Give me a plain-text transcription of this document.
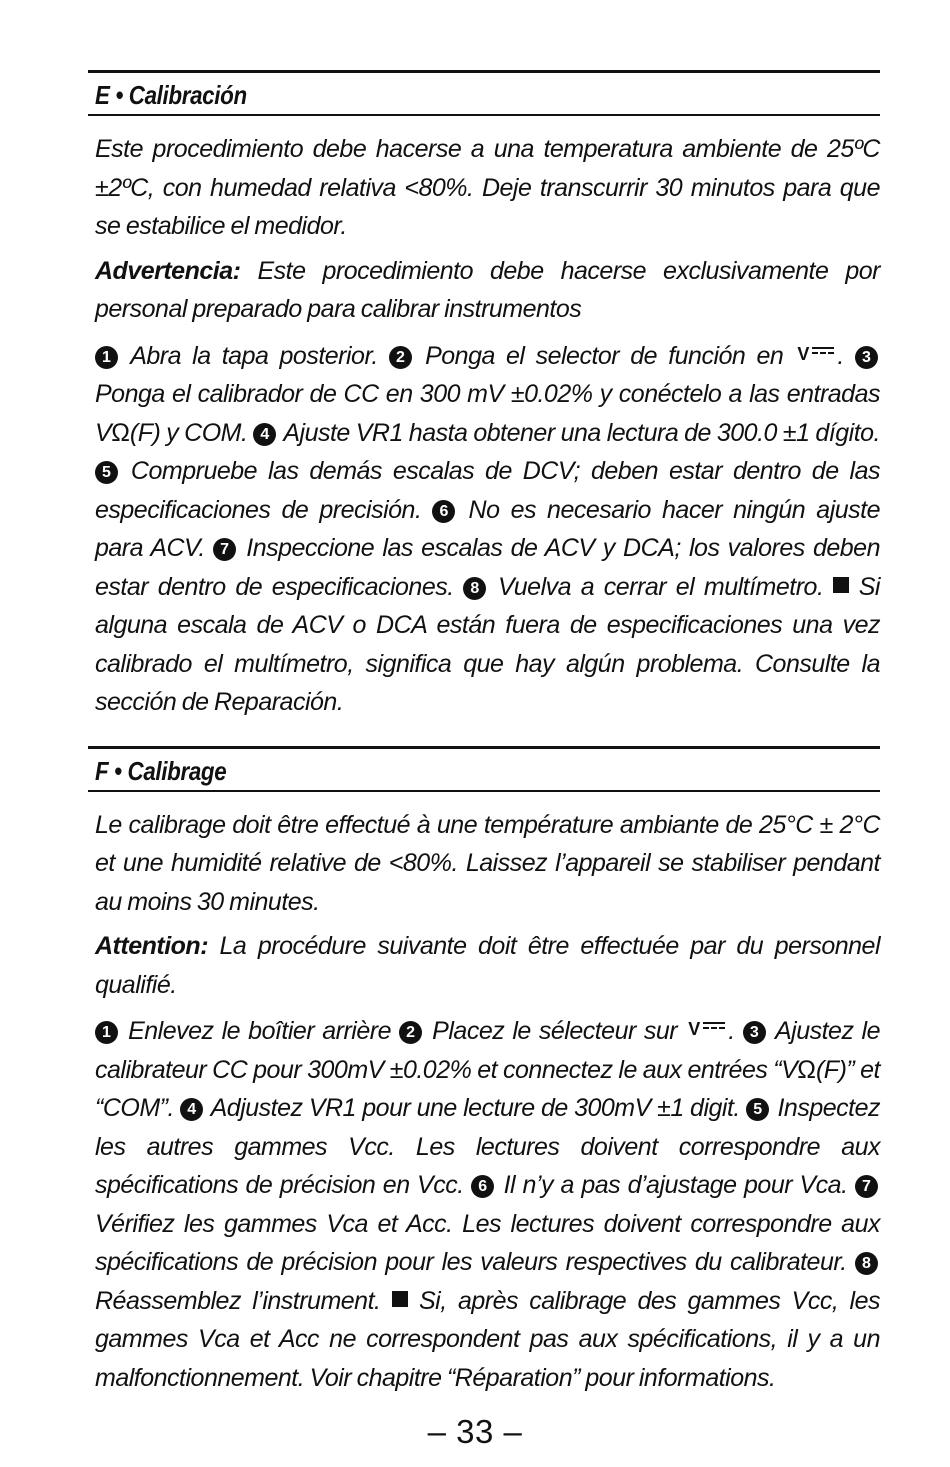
E • Calibración

Este procedimiento debe hacerse a una temperatura ambiente de 25ºC ±2ºC, con humedad relativa <80%. Deje transcurrir 30 minutos para que se estabilice el medidor.

Advertencia: Este procedimiento debe hacerse exclusivamente por personal preparado para calibrar instrumentos

1 Abra la tapa posterior. 2 Ponga el selector de función en V . 3 Ponga el calibrador de CC en 300 mV ±0.02% y conéctelo a las entradas VΩ(F) y COM. 4 Ajuste VR1 hasta obtener una lectura de 300.0 ±1 dígito. 5 Compruebe las demás escalas de DCV; deben estar dentro de las especificaciones de precisión. 6 No es necesario hacer ningún ajuste para ACV. 7 Inspeccione las escalas de ACV y DCA; los valores deben estar dentro de especificaciones. 8 Vuelva a cerrar el multímetro.  Si alguna escala de ACV o DCA están fuera de especificaciones una vez calibrado el multímetro, significa que hay algún problema. Consulte la sección de Reparación.

F • Calibrage

Le calibrage doit être effectué à une température ambiante de 25°C ± 2°C et une humidité relative de <80%. Laissez l’appareil se stabiliser pendant au moins 30 minutes.

Attention: La procédure suivante doit être effectuée par du personnel qualifié.

1 Enlevez le boîtier arrière 2 Placez le sélecteur sur V . 3 Ajustez le calibrateur CC pour 300mV ±0.02% et connectez le aux entrées “VΩ(F)” et “COM”. 4 Adjustez VR1 pour une lecture de 300mV ±1 digit. 5 Inspectez les autres gammes Vcc. Les lectures doivent correspondre aux spécifications de précision en Vcc. 6 Il n’y a pas d’ajustage pour Vca. 7 Vérifiez les gammes Vca et Acc. Les lectures doivent correspondre aux spécifications de précision pour les valeurs respectives du calibrateur. 8 Réassemblez l’instrument.  Si, après calibrage des gammes Vcc, les gammes Vca et Acc ne correspondent pas aux spécifications, il y a un malfonctionnement. Voir chapitre “Réparation” pour informations.

– 33 –
